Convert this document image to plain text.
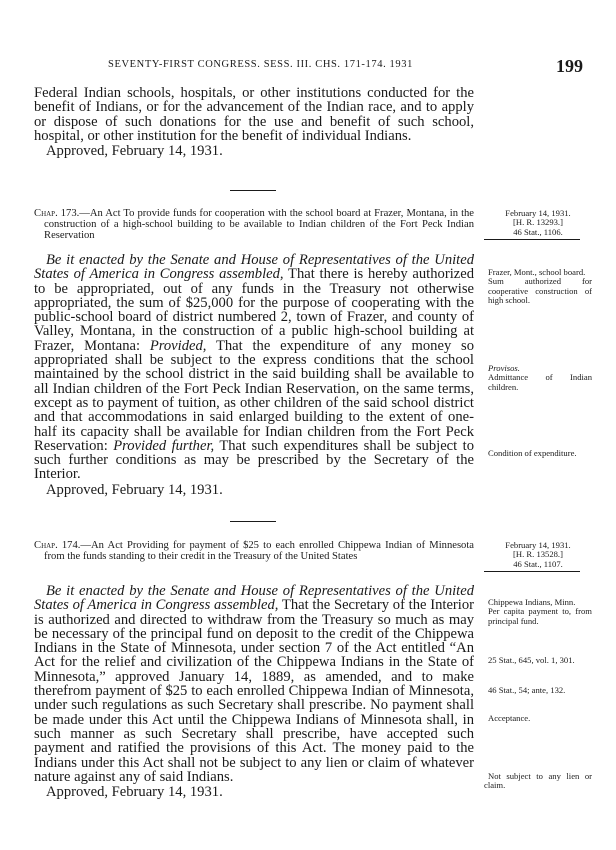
SEVENTY-FIRST CONGRESS. SESS. III. CHS. 171-174. 1931	199

Federal Indian schools, hospitals, or other institutions conducted for the benefit of Indians, or for the advancement of the Indian race, and to apply or dispose of such donations for the use and benefit of such school, hospital, or other institution for the benefit of individual Indians.

Approved, February 14, 1931.

Chap. 173.—An Act To provide funds for cooperation with the school board at Frazer, Montana, in the construction of a high-school building to be available to Indian children of the Fort Peck Indian Reservation

February 14, 1931.

[H. R. 13293.]

46 Stat., 1106.

Frazer, Mont., school board.

Sum authorized for cooperative construction of high school.

Provisos.

Admittance of Indian children.

Condition of expenditure.

Be it enacted by the Senate and House of Representatives of the United States of America in Congress assembled, That there is hereby authorized to be appropriated, out of any funds in the Treasury not otherwise appropriated, the sum of $25,000 for the purpose of cooperating with the public-school board of district numbered 2, town of Frazer, and county of Valley, Montana, in the construction of a public high-school building at Frazer, Montana: Provided, That the expenditure of any money so appropriated shall be subject to the express conditions that the school maintained by the school district in the said building shall be available to all Indian children of the Fort Peck Indian Reservation, on the same terms, except as to payment of tuition, as other children of the said school district and that accommodations in said enlarged building to the extent of one-half its capacity shall be available for Indian children from the Fort Peck Reservation: Provided further, That such expenditures shall be subject to such further conditions as may be prescribed by the Secretary of the Interior.

Approved, February 14, 1931.

Chap. 174.—An Act Providing for payment of $25 to each enrolled Chippewa Indian of Minnesota from the funds standing to their credit in the Treasury of the United States

February 14, 1931.

[H. R. 13528.]

46 Stat., 1107.

Chippewa Indians, Minn.

Per capita payment to, from principal fund.

25 Stat., 645, vol. 1, 301.

46 Stat., 54; ante, 132.

Acceptance.

Not subject to any lien or claim.

Be it enacted by the Senate and House of Representatives of the United States of America in Congress assembled, That the Secretary of the Interior is authorized and directed to withdraw from the Treasury so much as may be necessary of the principal fund on deposit to the credit of the Chippewa Indians in the State of Minnesota, under section 7 of the Act entitled “An Act for the relief and civilization of the Chippewa Indians in the State of Minnesota,” approved January 14, 1889, as amended, and to make therefrom payment of $25 to each enrolled Chippewa Indian of Minnesota, under such regulations as such Secretary shall prescribe. No payment shall be made under this Act until the Chippewa Indians of Minnesota shall, in such manner as such Secretary shall prescribe, have accepted such payment and ratified the provisions of this Act. The money paid to the Indians under this Act shall not be subject to any lien or claim of whatever nature against any of said Indians.

Approved, February 14, 1931.
